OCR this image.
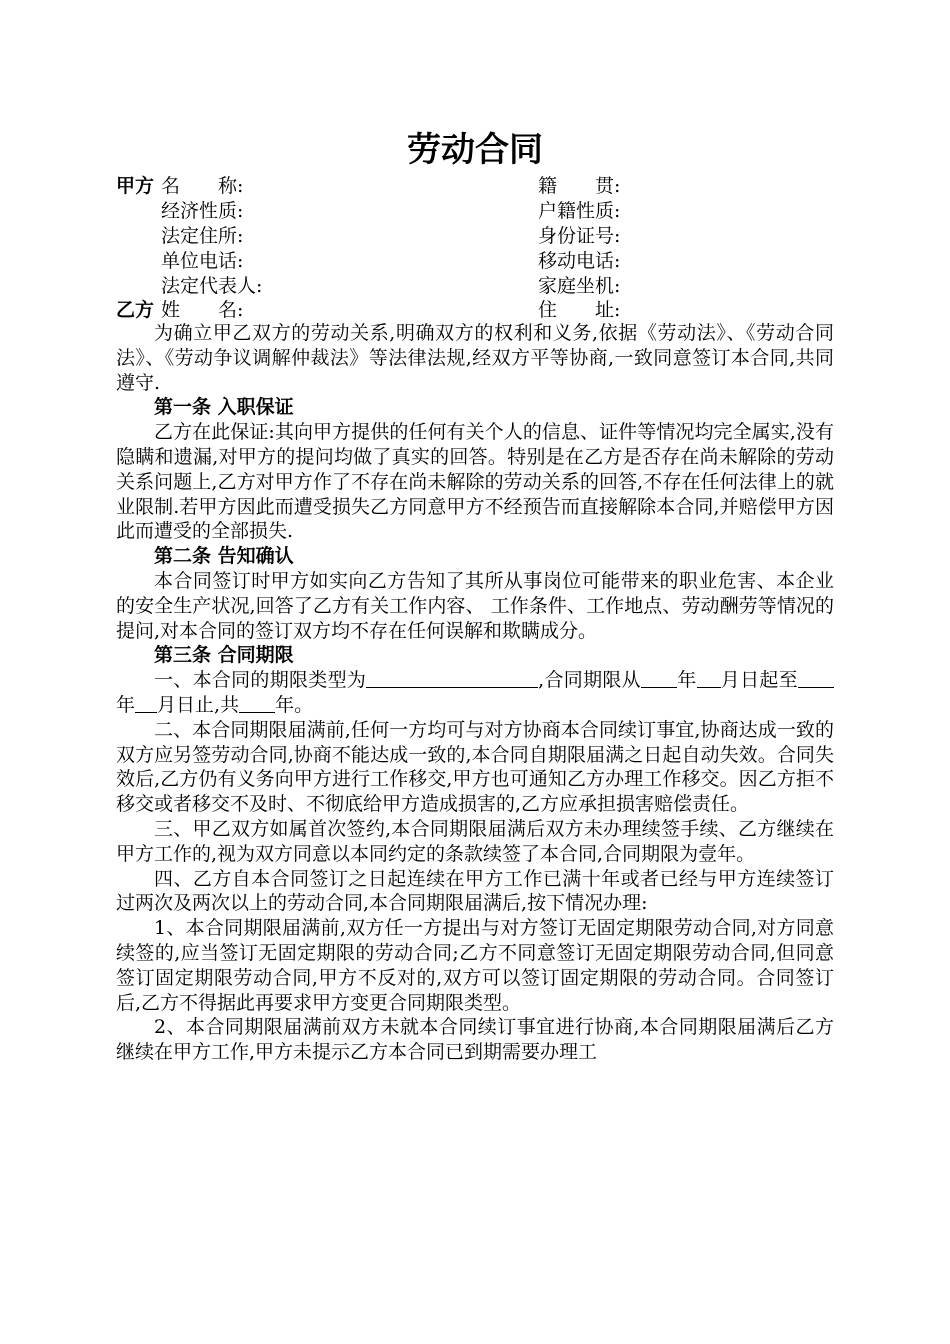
劳动合同
甲方 名　　称:	籍　　贯:
经济性质:	户籍性质:
法定住所:	身份证号:
单位电话:	移动电话:
法定代表人:	家庭坐机:
乙方 姓　　名:	住　　址:

为确立甲乙双方的劳动关系,明确双方的权利和义务,依据《劳动法》、《劳动合同法》、《劳动争议调解仲裁法》等法律法规,经双方平等协商,一致同意签订本合同,共同遵守.

第一条 入职保证

乙方在此保证:其向甲方提供的任何有关个人的信息、证件等情况均完全属实,没有隐瞒和遗漏,对甲方的提问均做了真实的回答。特别是在乙方是否存在尚未解除的劳动关系问题上,乙方对甲方作了不存在尚未解除的劳动关系的回答,不存在任何法律上的就业限制.若甲方因此而遭受损失乙方同意甲方不经预告而直接解除本合同,并赔偿甲方因此而遭受的全部损失.

第二条 告知确认

本合同签订时甲方如实向乙方告知了其所从事岗位可能带来的职业危害、本企业的安全生产状况,回答了乙方有关工作内容、 工作条件、工作地点、劳动酬劳等情况的提问,对本合同的签订双方均不存在任何误解和欺瞒成分。

第三条 合同期限

一、本合同的期限类型为	,合同期限从 年 月日起至年 月日止,共 年。

二、本合同期限届满前,任何一方均可与对方协商本合同续订事宜,协商达成一致的双方应另签劳动合同,协商不能达成一致的,本合同自期限届满之日起自动失效。合同失效后,乙方仍有义务向甲方进行工作移交,甲方也可通知乙方办理工作移交。因乙方拒不移交或者移交不及时、不彻底给甲方造成损害的,乙方应承担损害赔偿责任。

三、甲乙双方如属首次签约,本合同期限届满后双方未办理续签手续、乙方继续在甲方工作的,视为双方同意以本同约定的条款续签了本合同,合同期限为壹年。

四、乙方自本合同签订之日起连续在甲方工作已满十年或者已经与甲方连续签订过两次及两次以上的劳动合同,本合同期限届满后,按下情况办理:

1、本合同期限届满前,双方任一方提出与对方签订无固定期限劳动合同,对方同意续签的,应当签订无固定期限的劳动合同;乙方不同意签订无固定期限劳动合同,但同意签订固定期限劳动合同,甲方不反对的,双方可以签订固定期限的劳动合同。合同签订后,乙方不得据此再要求甲方变更合同期限类型。

2、本合同期限届满前双方未就本合同续订事宜进行协商,本合同期限届满后乙方继续在甲方工作,甲方未提示乙方本合同已到期需要办理工
